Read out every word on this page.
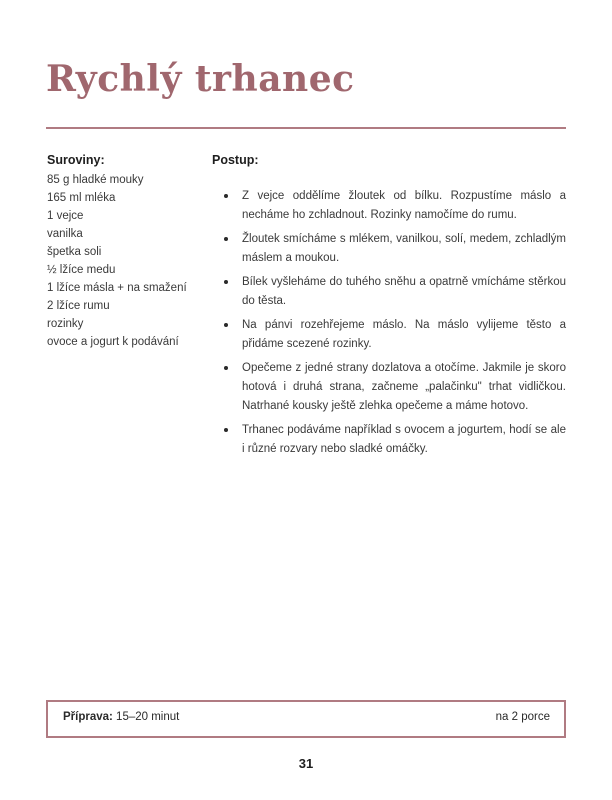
Rychlý trhanec

Suroviny:

85 g hladké mouky
165 ml mléka
1 vejce
vanilka
špetka soli
½ lžíce medu
1 lžíce másla + na smažení
2 lžíce rumu
rozinky
ovoce a jogurt k podávání

Postup:

Z vejce oddělíme žloutek od bílku. Rozpustíme máslo a necháme ho zchladnout. Rozinky namočíme do rumu.
Žloutek smícháme s mlékem, vanilkou, solí, medem, zchladlým máslem a moukou.
Bílek vyšleháme do tuhého sněhu a opatrně vmícháme stěrkou do těsta.
Na pánvi rozehřejeme máslo. Na máslo vylijeme těsto a přidáme scezené rozinky.
Opečeme z jedné strany dozlatova a otočíme. Jakmile je skoro hotová i druhá strana, začneme „palačinku" trhat vidličkou. Natrhané kousky ještě zlehka opečeme a máme hotovo.
Trhanec podáváme například s ovocem a jogurtem, hodí se ale i různé rozvary nebo sladké omáčky.
Příprava: 15–20 minut	na 2 porce
31
